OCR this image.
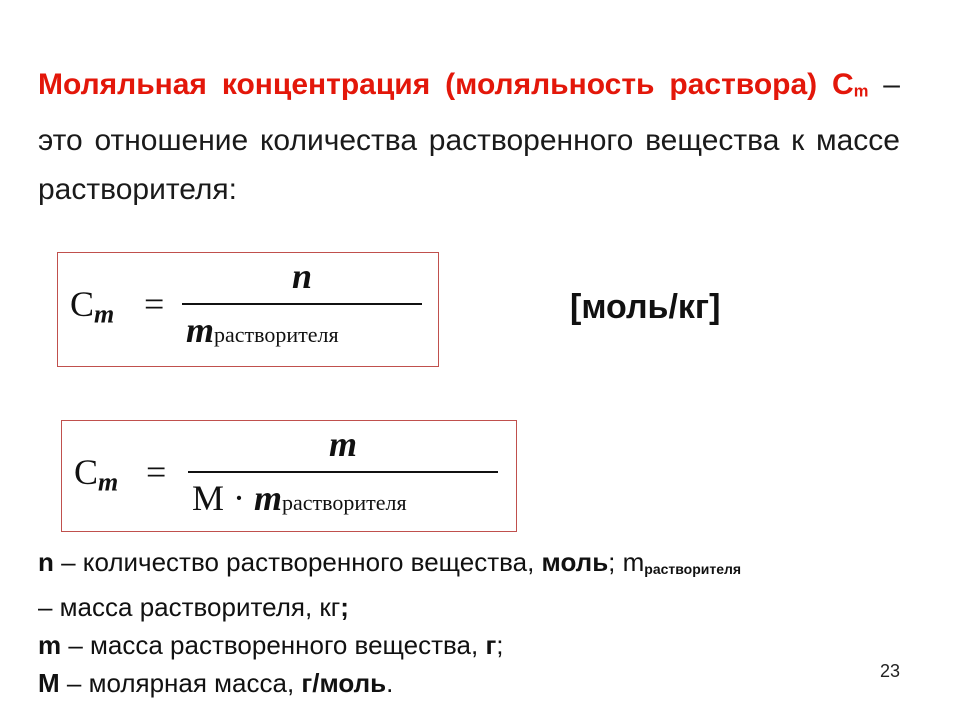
Моляльная концентрация (моляльность раствора) Сm – это отношение количества растворенного вещества к массе растворителя:
Сm =
n
mрастворителя
[моль/кг]
Сm =
m
M · mрастворителя
n – количество растворенного вещества, моль; mрастворителя
– масса растворителя, кг;
m – масса растворенного вещества, г;
M – молярная масса, г/моль.	23
